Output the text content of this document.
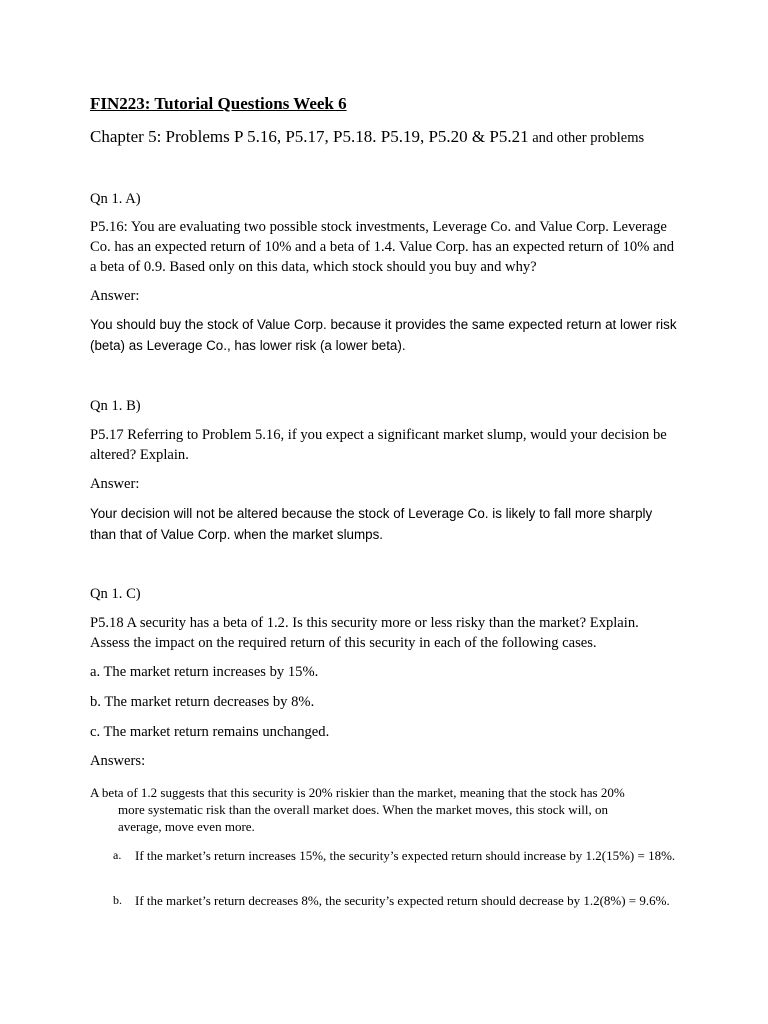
FIN223: Tutorial Questions Week 6

Chapter 5: Problems P 5.16, P5.17, P5.18. P5.19, P5.20 & P5.21 and other problems

Qn 1. A)

P5.16: You are evaluating two possible stock investments, Leverage Co. and Value Corp. Leverage Co. has an expected return of 10% and a beta of 1.4. Value Corp. has an expected return of 10% and a beta of 0.9. Based only on this data, which stock should you buy and why?

Answer:

You should buy the stock of Value Corp. because it provides the same expected return at lower risk (beta) as Leverage Co., has lower risk (a lower beta).

Qn 1. B)

P5.17 Referring to Problem 5.16, if you expect a significant market slump, would your decision be altered? Explain.

Answer:

Your decision will not be altered because the stock of Leverage Co. is likely to fall more sharply than that of Value Corp. when the market slumps.

Qn 1. C)

P5.18 A security has a beta of 1.2. Is this security more or less risky than the market? Explain. Assess the impact on the required return of this security in each of the following cases.

a. The market return increases by 15%.

b. The market return decreases by 8%.

c. The market return remains unchanged.

Answers:

A beta of 1.2 suggests that this security is 20% riskier than the market, meaning that the stock has 20%
more systematic risk than the overall market does. When the market moves, this stock will, on
average, move even more.

a. If the market’s return increases 15%, the security’s expected return should increase by 1.2(15%) = 18%.
b. If the market’s return decreases 8%, the security’s expected return should decrease by 1.2(8%) = 9.6%.
